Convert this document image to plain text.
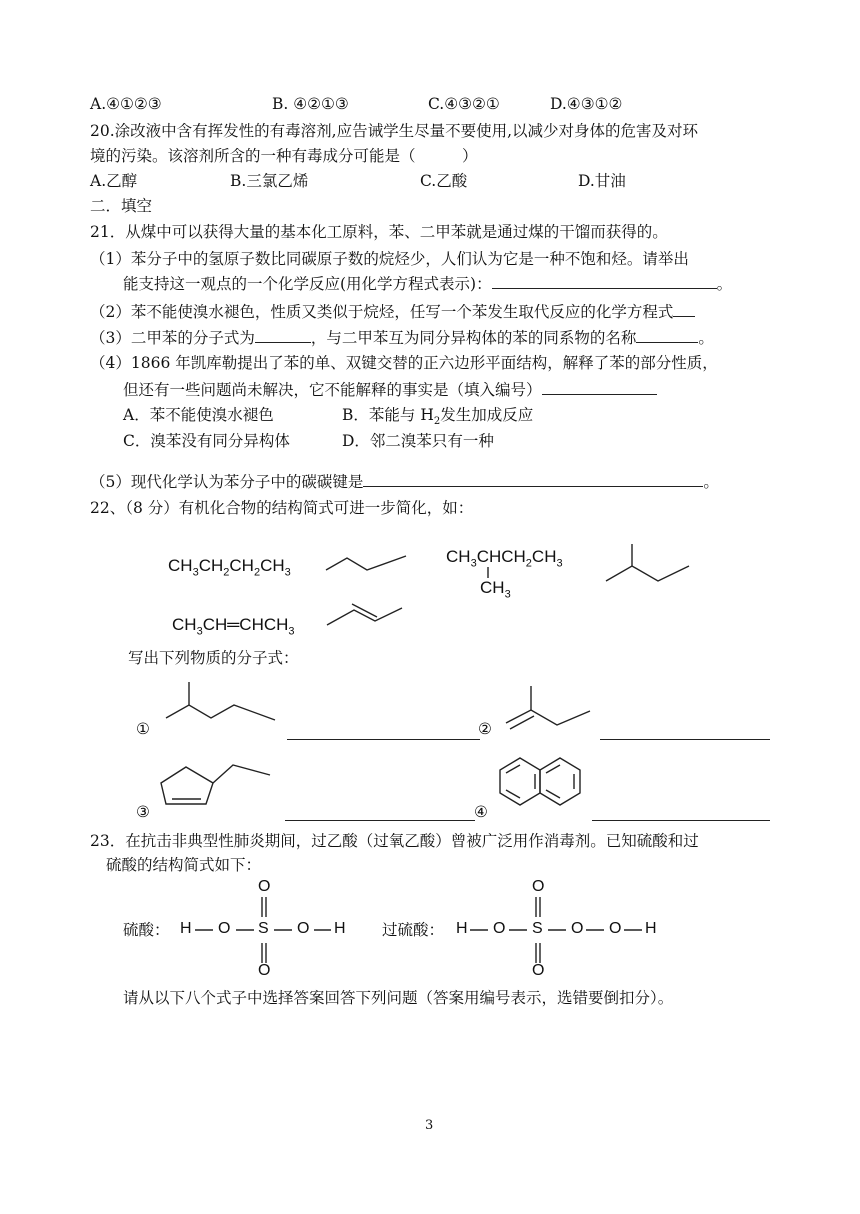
A.④①②③	B. ④②①③	C.④③②①	D.④③①②
20.涂改液中含有挥发性的有毒溶剂,应告诫学生尽量不要使用,以减少对身体的危害及对环
境的污染。该溶剂所含的一种有毒成分可能是（　　　）
A.乙醇	B.三氯乙烯	C.乙酸	D.甘油
二．填空
21．从煤中可以获得大量的基本化工原料，苯、二甲苯就是通过煤的干馏而获得的。
（1）苯分子中的氢原子数比同碳原子数的烷烃少，人们认为它是一种不饱和烃。请举出
能支持这一观点的一个化学反应(用化学方程式表示)：	。
（2）苯不能使溴水褪色，性质又类似于烷烃，任写一个苯发生取代反应的化学方程式
（3）二甲苯的分子式为	，与二甲苯互为同分异构体的苯的同系物的名称	。
（4）1866 年凯库勒提出了苯的单、双键交替的正六边形平面结构，解释了苯的部分性质，
但还有一些问题尚未解决，它不能解释的事实是（填入编号）
A．苯不能使溴水褪色	B．苯能与 $H_2$发生加成反应
C．溴苯没有同分异构体	D．邻二溴苯只有一种
（5）现代化学认为苯分子中的碳碳键是	。
22、（8 分）有机化合物的结构简式可进一步简化，如：
$CH_3CH_2CH_2CH_3$
$CH_3CHCH_2CH_3$
$CH_3$
$CH_3CH═CHCH_3$
写出下列物质的分子式：
①	②
③	④
23．在抗击非典型性肺炎期间，过乙酸（过氧乙酸）曾被广泛用作消毒剂。已知硫酸和过
硫酸的结构简式如下：
硫酸： H O S
O
O
O H 过硫酸： H O S
O
O
O O H
请从以下八个式子中选择答案回答下列问题（答案用编号表示，选错要倒扣分）。
3
